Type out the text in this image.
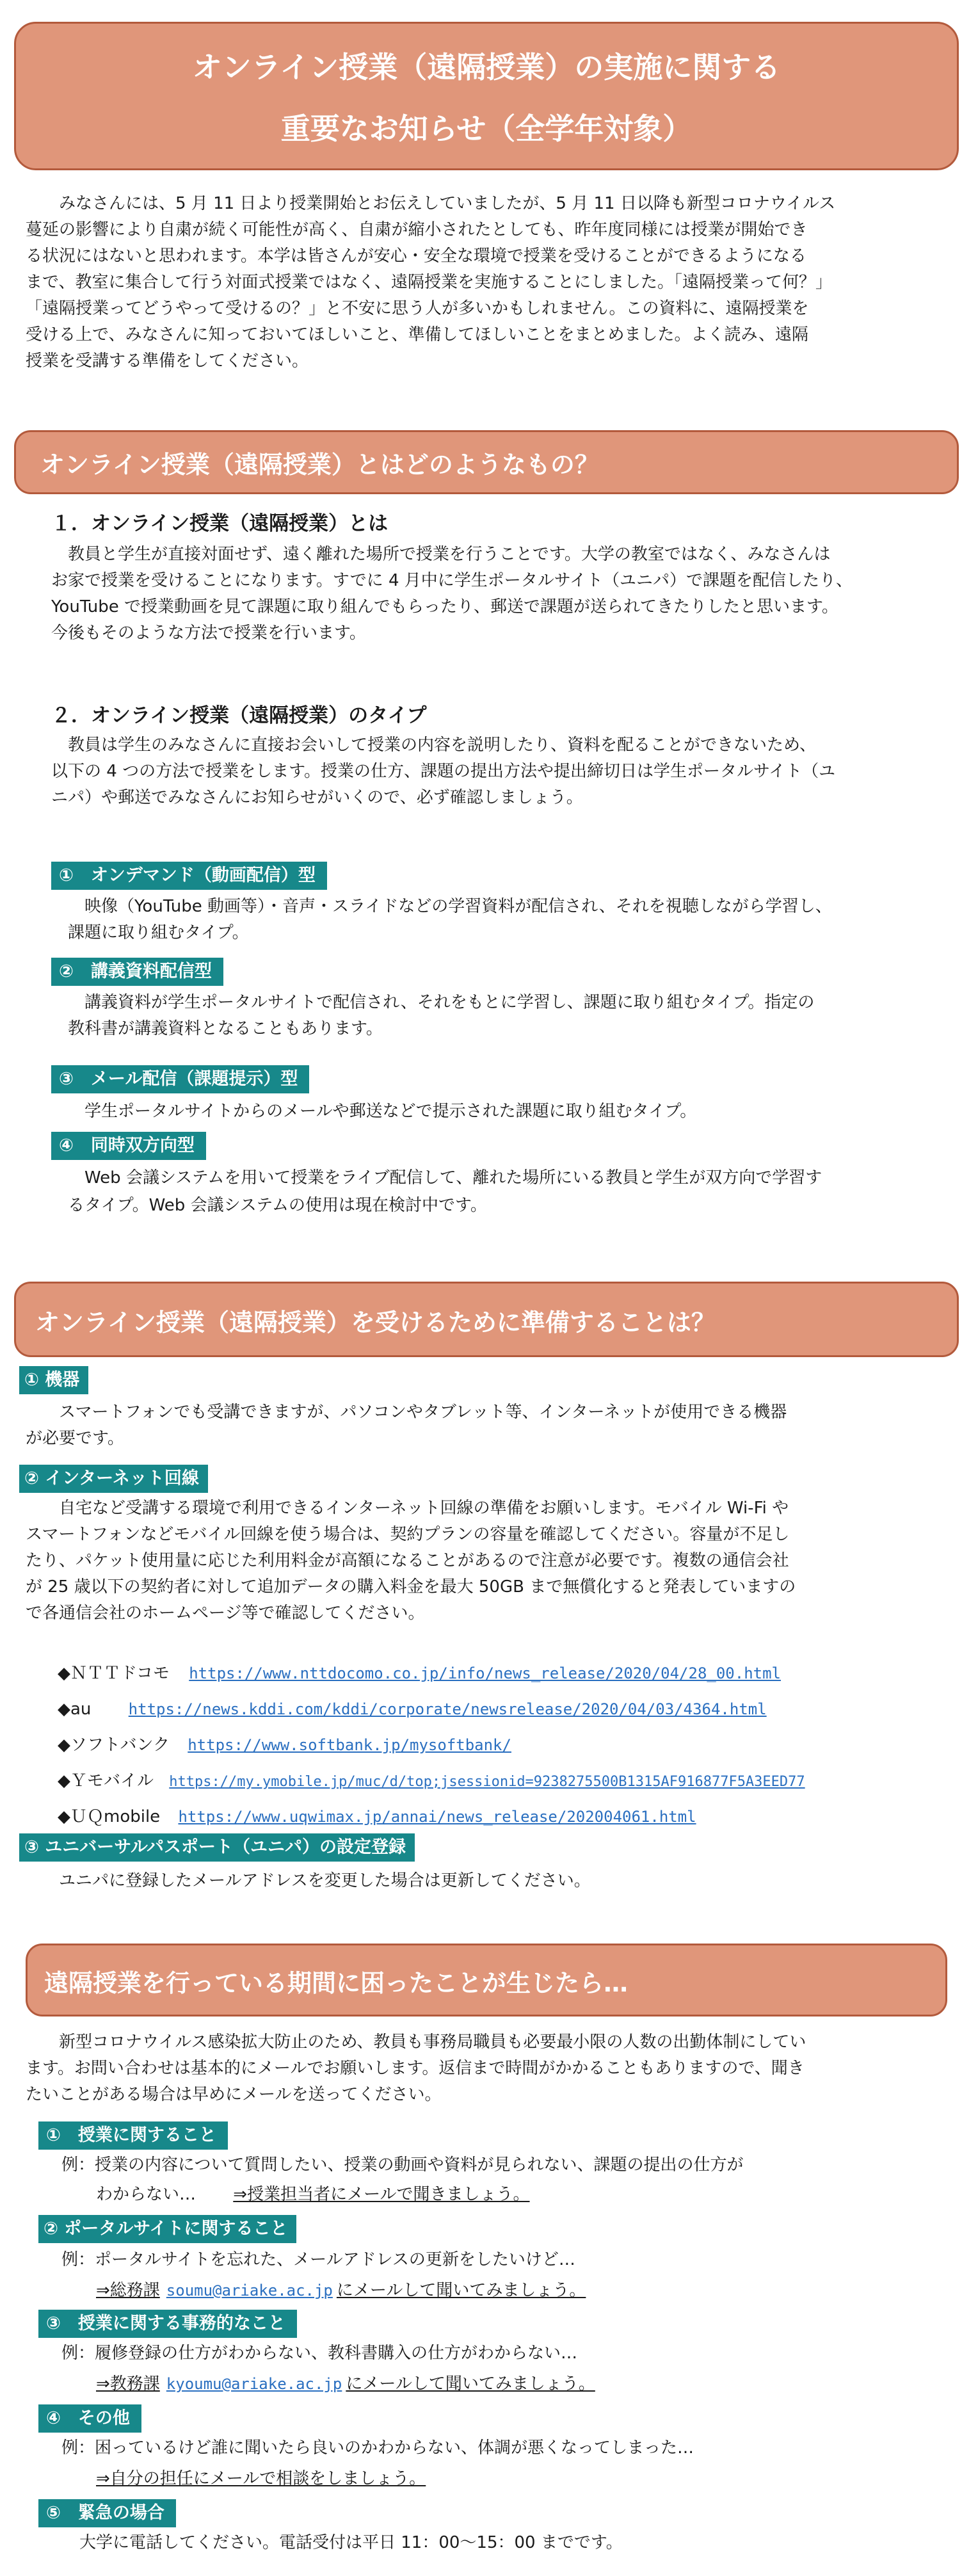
オンライン授業（遠隔授業）の実施に関する
重要なお知らせ（全学年対象）
みなさんには、5 月 11 日より授業開始とお伝えしていましたが、5 月 11 日以降も新型コロナウイルス
蔓延の影響により自粛が続く可能性が高く、自粛が縮小されたとしても、昨年度同様には授業が開始でき
る状況にはないと思われます。本学は皆さんが安心・安全な環境で授業を受けることができるようになる
まで、教室に集合して行う対面式授業ではなく、遠隔授業を実施することにしました。「遠隔授業って何？」
「遠隔授業ってどうやって受けるの？」と不安に思う人が多いかもしれません。この資料に、遠隔授業を
受ける上で、みなさんに知っておいてほしいこと、準備してほしいことをまとめました。よく読み、遠隔
授業を受講する準備をしてください。
オンライン授業（遠隔授業）とはどのようなもの？
１．オンライン授業（遠隔授業）とは
教員と学生が直接対面せず、遠く離れた場所で授業を行うことです。大学の教室ではなく、みなさんは
お家で授業を受けることになります。すでに 4 月中に学生ポータルサイト（ユニパ）で課題を配信したり、
YouTube で授業動画を見て課題に取り組んでもらったり、郵送で課題が送られてきたりしたと思います。
今後もそのような方法で授業を行います。
２．オンライン授業（遠隔授業）のタイプ
教員は学生のみなさんに直接お会いして授業の内容を説明したり、資料を配ることができないため、
以下の 4 つの方法で授業をします。授業の仕方、課題の提出方法や提出締切日は学生ポータルサイト（ユ
ニパ）や郵送でみなさんにお知らせがいくので、必ず確認しましょう。
①　オンデマンド（動画配信）型
映像（YouTube 動画等）・音声・スライドなどの学習資料が配信され、それを視聴しながら学習し、
課題に取り組むタイプ。
②　講義資料配信型
講義資料が学生ポータルサイトで配信され、それをもとに学習し、課題に取り組むタイプ。指定の
教科書が講義資料となることもあります。
③　メール配信（課題提示）型
学生ポータルサイトからのメールや郵送などで提示された課題に取り組むタイプ。
④　同時双方向型
Web 会議システムを用いて授業をライブ配信して、離れた場所にいる教員と学生が双方向で学習す
るタイプ。Web 会議システムの使用は現在検討中です。
オンライン授業（遠隔授業）を受けるために準備することは？
① 機器
スマートフォンでも受講できますが、パソコンやタブレット等、インターネットが使用できる機器
が必要です。
② インターネット回線
自宅など受講する環境で利用できるインターネット回線の準備をお願いします。モバイル Wi-Fi や
スマートフォンなどモバイル回線を使う場合は、契約プランの容量を確認してください。容量が不足し
たり、パケット使用量に応じた利用料金が高額になることがあるので注意が必要です。複数の通信会社
が 25 歳以下の契約者に対して追加データの購入料金を最大 50GB まで無償化すると発表していますの
で各通信会社のホームページ等で確認してください。
◆ＮＴＴドコモ https://www.nttdocomo.co.jp/info/news_release/2020/04/28_00.html
◆au https://news.kddi.com/kddi/corporate/newsrelease/2020/04/03/4364.html
◆ソフトバンク https://www.softbank.jp/mysoftbank/
◆Ｙモバイル https://my.ymobile.jp/muc/d/top;jsessionid=9238275500B1315AF916877F5A3EED77
◆ＵＱmobile https://www.uqwimax.jp/annai/news_release/202004061.html
③ ユニバーサルパスポート（ユニパ）の設定登録
ユニパに登録したメールアドレスを変更した場合は更新してください。
遠隔授業を行っている期間に困ったことが生じたら…
新型コロナウイルス感染拡大防止のため、教員も事務局職員も必要最小限の人数の出勤体制にしてい
ます。お問い合わせは基本的にメールでお願いします。返信まで時間がかかることもありますので、聞き
たいことがある場合は早めにメールを送ってください。
①　授業に関すること
例：授業の内容について質問したい、授業の動画や資料が見られない、課題の提出の仕方が
わからない… ⇒授業担当者にメールで聞きましょう。
② ポータルサイトに関すること
例：ポータルサイトを忘れた、メールアドレスの更新をしたいけど…
⇒総務課 soumu@ariake.ac.jp にメールして聞いてみましょう。
③　授業に関する事務的なこと
例：履修登録の仕方がわからない、教科書購入の仕方がわからない…
⇒教務課 kyoumu@ariake.ac.jp にメールして聞いてみましょう。
④　その他
例：困っているけど誰に聞いたら良いのかわからない、体調が悪くなってしまった…
⇒自分の担任にメールで相談をしましょう。
⑤　緊急の場合
大学に電話してください。電話受付は平日 11：00〜15：00 までです。
